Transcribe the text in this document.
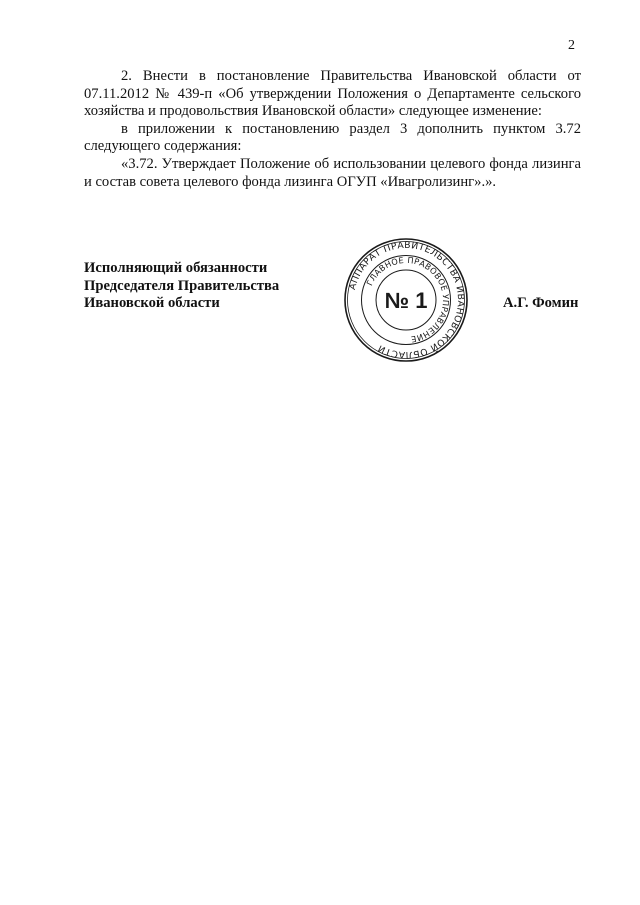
2

2. Внести в постановление Правительства Ивановской области от 07.11.2012 № 439-п «Об утверждении Положения о Департаменте сельского хозяйства и продовольствия Ивановской области» следующее изменение:

в приложении к постановлению раздел 3 дополнить пунктом 3.72 следующего содержания:

«3.72. Утверждает Положение об использовании целевого фонда лизинга и состав совета целевого фонда лизинга ОГУП «Ивагролизинг».».

Исполняющий обязанности
Председателя Правительства
Ивановской области
АППАРАТ ПРАВИТЕЛЬСТВА ИВАНОВСКОЙ ОБЛАСТИ
ГЛАВНОЕ ПРАВОВОЕ УПРАВЛЕНИЕ
№ 1	А.Г. Фомин
